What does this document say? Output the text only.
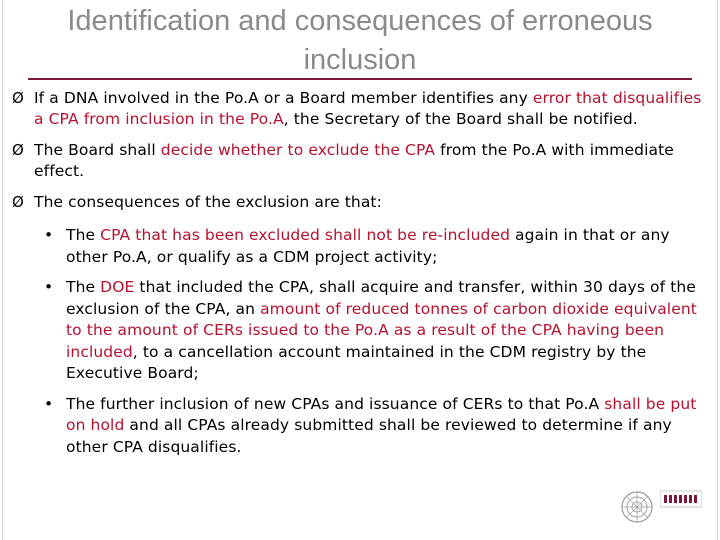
Identification and consequences of erroneous
inclusion
Ø If a DNA involved in the Po.A or a Board member identifies any error that disqualifies a CPA from inclusion in the Po.A, the Secretary of the Board shall be notified.
Ø The Board shall decide whether to exclude the CPA from the Po.A with immediate effect.
Ø The consequences of the exclusion are that:
• The CPA that has been excluded shall not be re-included again in that or any other Po.A, or qualify as a CDM project activity;
• The DOE that included the CPA, shall acquire and transfer, within 30 days of the exclusion of the CPA, an amount of reduced tonnes of carbon dioxide equivalent to the amount of CERs issued to the Po.A as a result of the CPA having been included, to a cancellation account maintained in the CDM registry by the Executive Board;
• The further inclusion of new CPAs and issuance of CERs to that Po.A shall be put on hold and all CPAs already submitted shall be reviewed to determine if any other CPA disqualifies.
